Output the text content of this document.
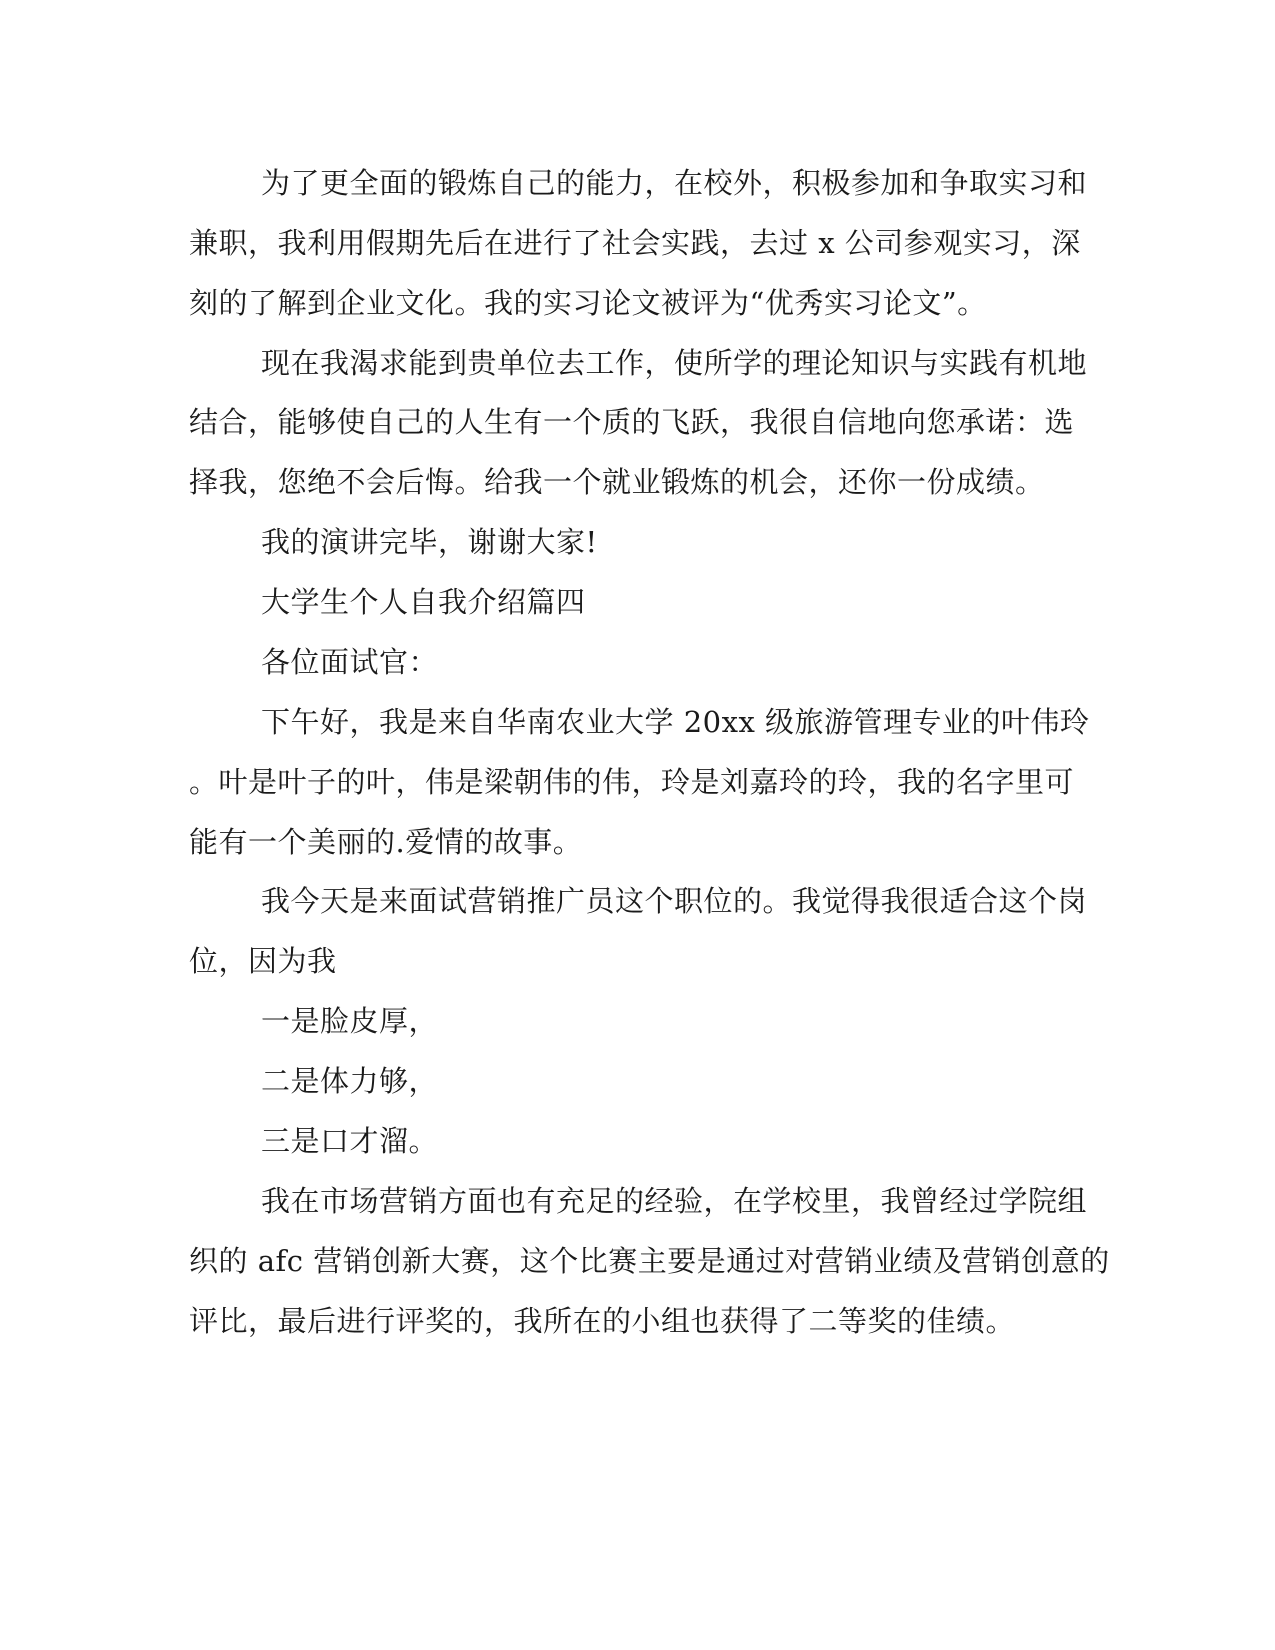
为了更全面的锻炼自己的能力，在校外，积极参加和争取实习和
兼职，我利用假期先后在进行了社会实践，去过 x 公司参观实习，深
刻的了解到企业文化。我的实习论文被评为“优秀实习论文”。
现在我渴求能到贵单位去工作，使所学的理论知识与实践有机地
结合，能够使自己的人生有一个质的飞跃，我很自信地向您承诺：选
择我，您绝不会后悔。给我一个就业锻炼的机会，还你一份成绩。
我的演讲完毕，谢谢大家!
大学生个人自我介绍篇四
各位面试官：
下午好，我是来自华南农业大学 20xx 级旅游管理专业的叶伟玲
。叶是叶子的叶，伟是梁朝伟的伟，玲是刘嘉玲的玲，我的名字里可
能有一个美丽的.爱情的故事。
我今天是来面试营销推广员这个职位的。我觉得我很适合这个岗
位，因为我
一是脸皮厚，
二是体力够，
三是口才溜。
我在市场营销方面也有充足的经验，在学校里，我曾经过学院组
织的 afc 营销创新大赛，这个比赛主要是通过对营销业绩及营销创意的
评比，最后进行评奖的，我所在的小组也获得了二等奖的佳绩。
